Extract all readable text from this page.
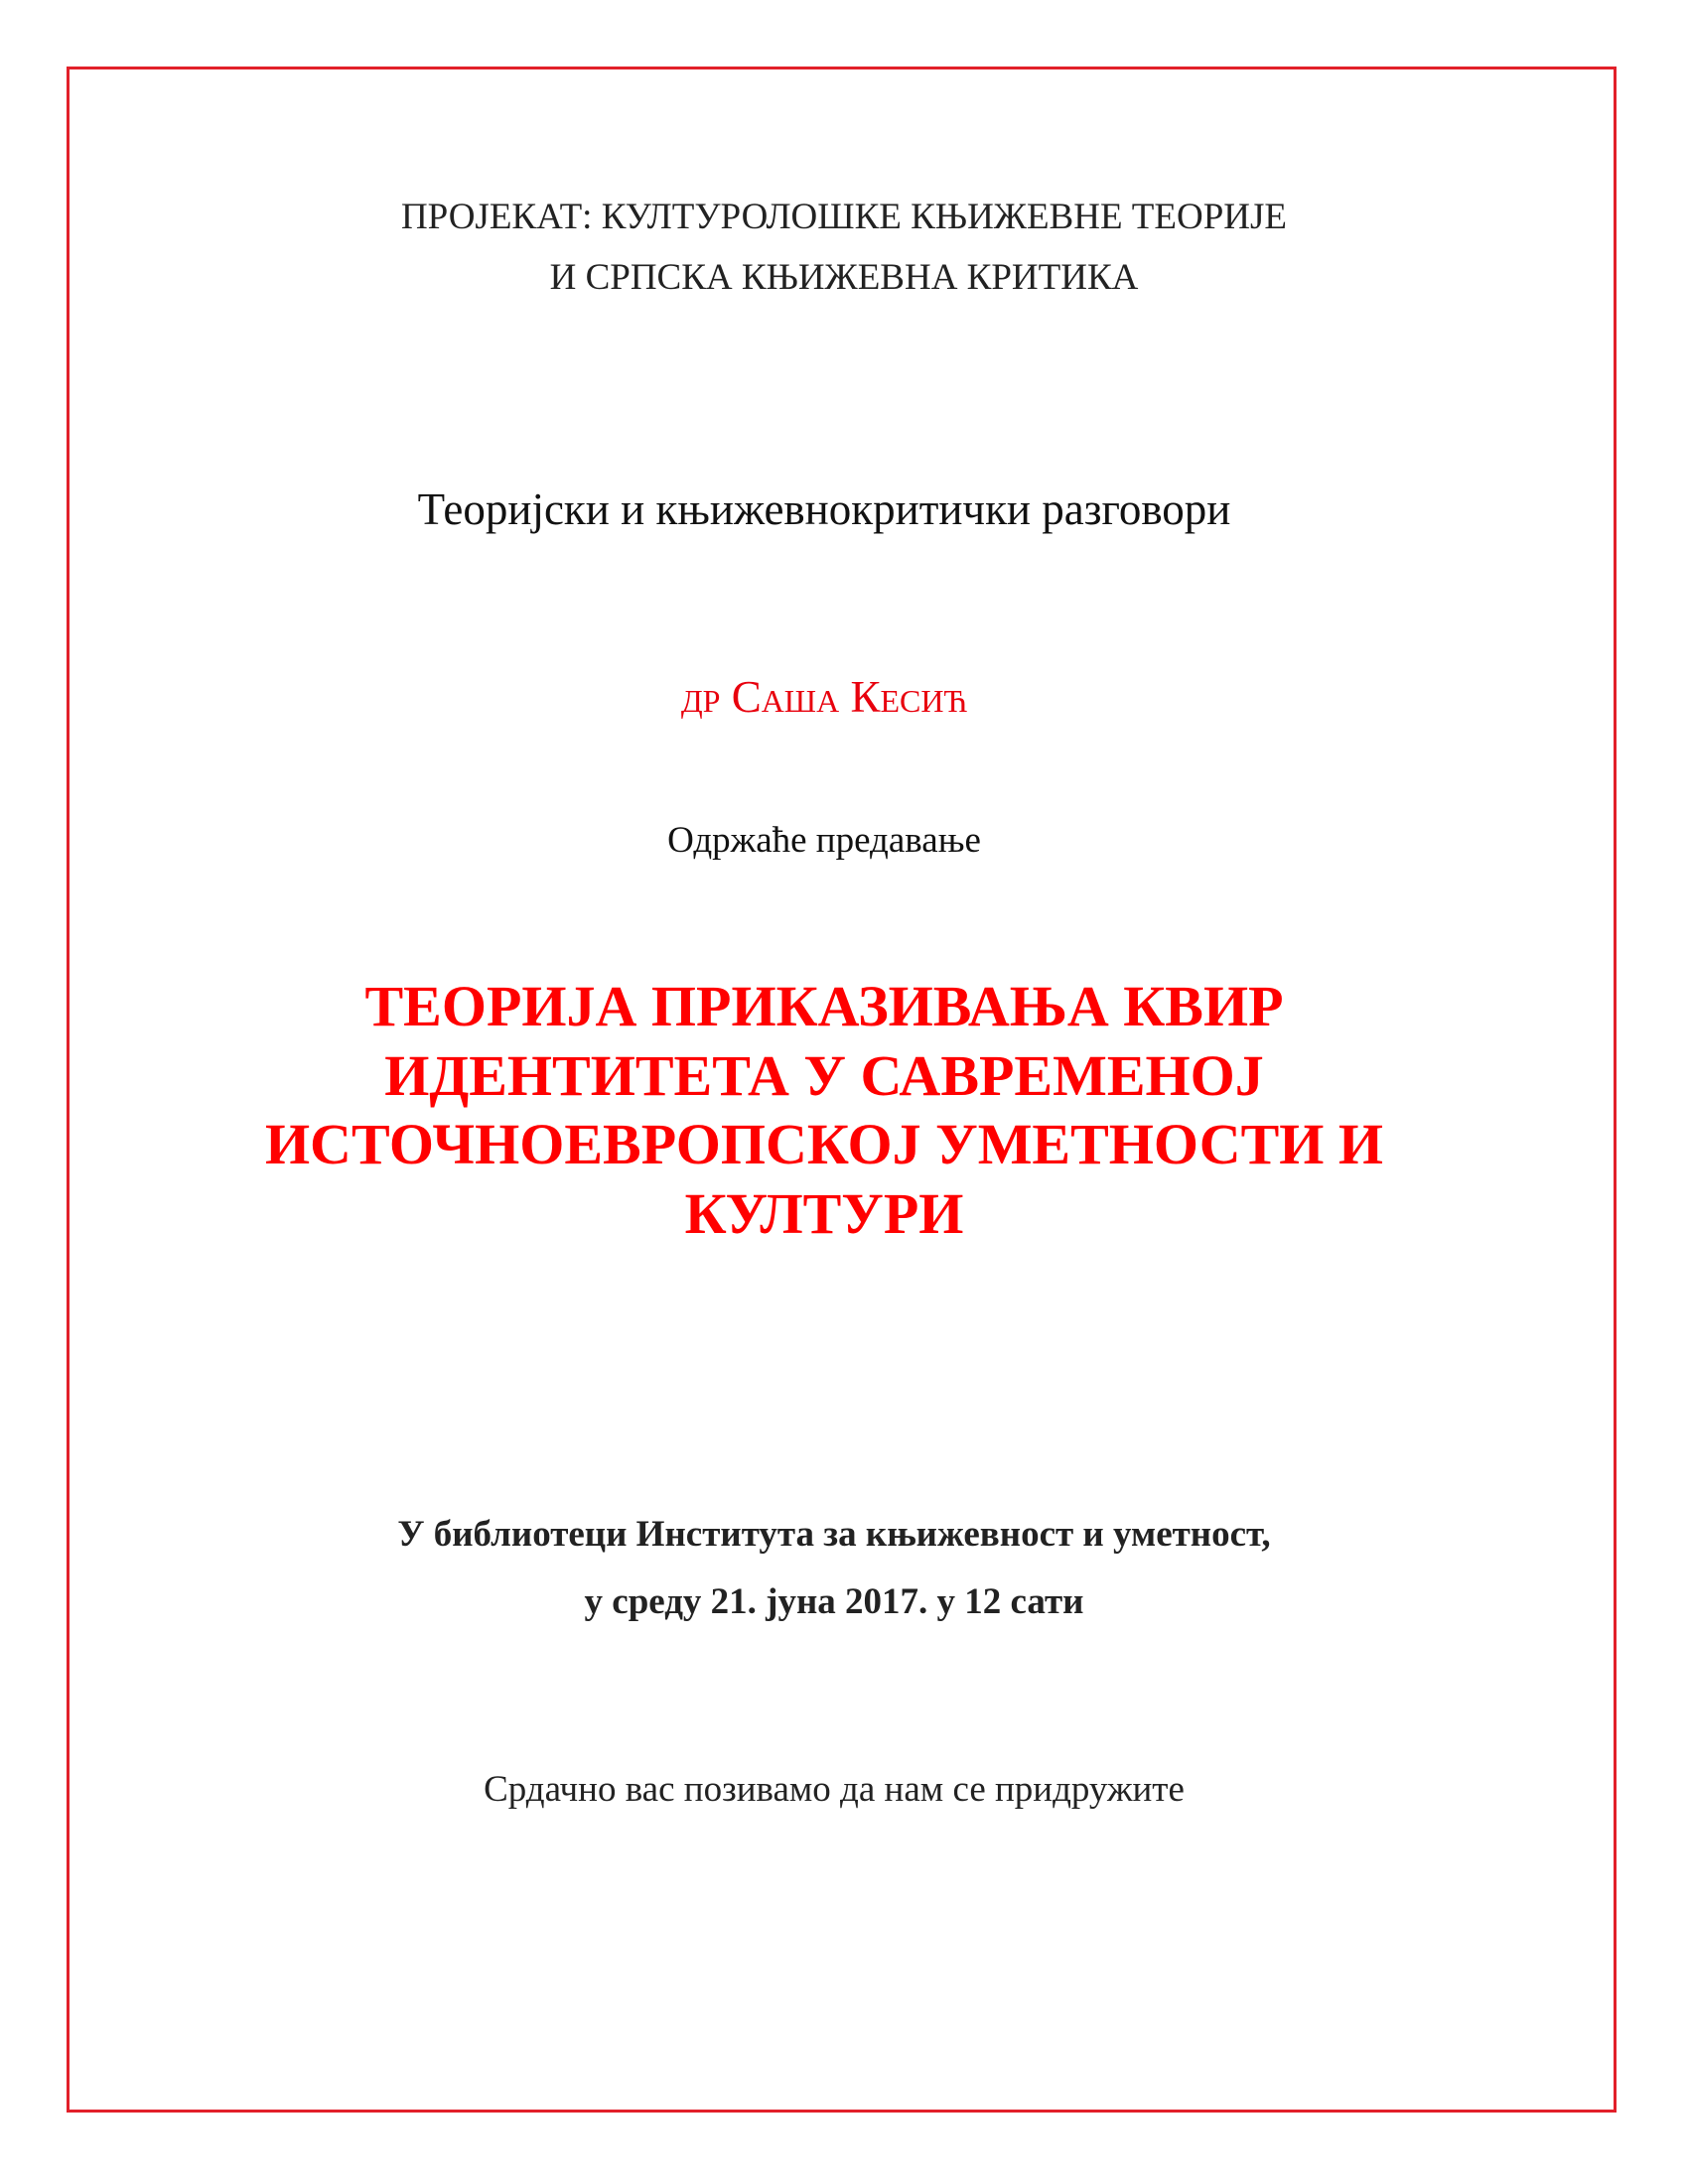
ПРОЈЕКАТ: КУЛТУРОЛОШКЕ КЊИЖЕВНЕ ТЕОРИЈЕ
И СРПСКА КЊИЖЕВНА КРИТИКА
Теоријски и књижевнокритички разговори
др Саша Кесић
Одржаће предавање
ТЕОРИЈА ПРИКАЗИВАЊА КВИР
ИДЕНТИТЕТА У САВРЕМЕНОЈ
ИСТОЧНОЕВРОПСКОЈ УМЕТНОСТИ И
КУЛТУРИ
У библиотеци Института за књижевност и уметност,
у среду 21. јуна 2017. у 12 сати
Срдачно вас позивамо да нам се придружите
